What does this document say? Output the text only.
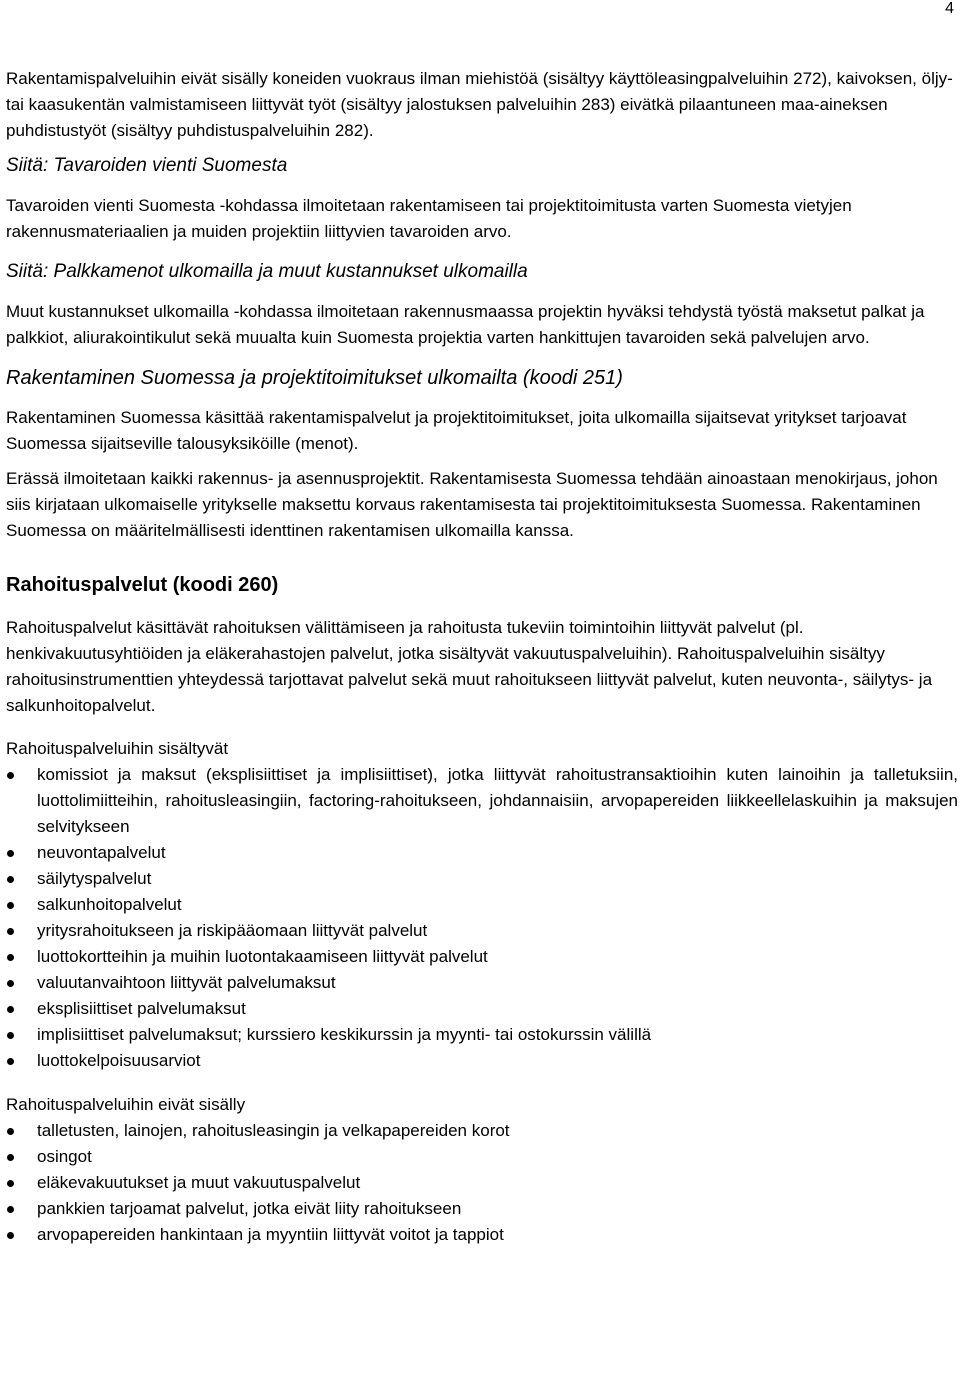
4

Rakentamispalveluihin eivät sisälly koneiden vuokraus ilman miehistöä (sisältyy käyttöleasingpalveluihin 272), kaivoksen, öljy- tai kaasukentän valmistamiseen liittyvät työt (sisältyy jalostuksen palveluihin 283) eivätkä pilaantuneen maa-aineksen puhdistustyöt (sisältyy puhdistuspalveluihin 282).

Siitä: Tavaroiden vienti Suomesta

Tavaroiden vienti Suomesta -kohdassa ilmoitetaan rakentamiseen tai projektitoimitusta varten Suomesta vietyjen rakennusmateriaalien ja muiden projektiin liittyvien tavaroiden arvo.

Siitä: Palkkamenot ulkomailla ja muut kustannukset ulkomailla

Muut kustannukset ulkomailla -kohdassa ilmoitetaan rakennusmaassa projektin hyväksi tehdystä työstä maksetut palkat ja palkkiot, aliurakointikulut sekä muualta kuin Suomesta projektia varten hankittujen tavaroiden sekä palvelujen arvo.

Rakentaminen Suomessa ja projektitoimitukset ulkomailta (koodi 251)

Rakentaminen Suomessa käsittää rakentamispalvelut ja projektitoimitukset, joita ulkomailla sijaitsevat yritykset tarjoavat Suomessa sijaitseville talousyksiköille (menot).

Erässä ilmoitetaan kaikki rakennus- ja asennusprojektit. Rakentamisesta Suomessa tehdään ainoastaan menokirjaus, johon siis kirjataan ulkomaiselle yritykselle maksettu korvaus rakentamisesta tai projektitoimituksesta Suomessa. Rakentaminen Suomessa on määritelmällisesti identtinen rakentamisen ulkomailla kanssa.

Rahoituspalvelut (koodi 260)

Rahoituspalvelut käsittävät rahoituksen välittämiseen ja rahoitusta tukeviin toimintoihin liittyvät palvelut (pl. henkivakuutusyhtiöiden ja eläkerahastojen palvelut, jotka sisältyvät vakuutuspalveluihin). Rahoituspalveluihin sisältyy rahoitusinstrumenttien yhteydessä tarjottavat palvelut sekä muut rahoitukseen liittyvät palvelut, kuten neuvonta-, säilytys- ja salkunhoitopalvelut.

Rahoituspalveluihin sisältyvät

komissiot ja maksut (eksplisiittiset ja implisiittiset), jotka liittyvät rahoitustransaktioihin kuten lainoihin ja talletuksiin, luottolimiitteihin, rahoitusleasingiin, factoring-rahoitukseen, johdannaisiin, arvopapereiden liikkeellelaskuihin ja maksujen selvitykseen
neuvontapalvelut
säilytyspalvelut
salkunhoitopalvelut
yritysrahoitukseen ja riskipääomaan liittyvät palvelut
luottokortteihin ja muihin luotontakaamiseen liittyvät palvelut
valuutanvaihtoon liittyvät palvelumaksut
eksplisiittiset palvelumaksut
implisiittiset palvelumaksut; kurssiero keskikurssin ja myynti- tai ostokurssin välillä
luottokelpoisuusarviot

Rahoituspalveluihin eivät sisälly

talletusten, lainojen, rahoitusleasingin ja velkapapereiden korot
osingot
eläkevakuutukset ja muut vakuutuspalvelut
pankkien tarjoamat palvelut, jotka eivät liity rahoitukseen
arvopapereiden hankintaan ja myyntiin liittyvät voitot ja tappiot
